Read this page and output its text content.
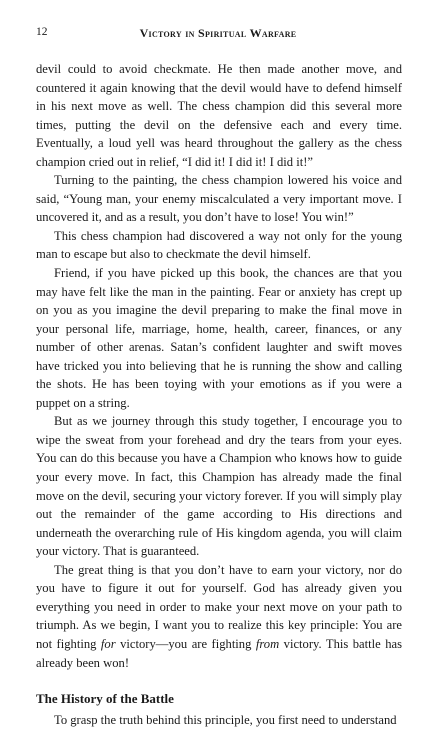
12	Victory in Spiritual Warfare

devil could to avoid checkmate. He then made another move, and countered it again knowing that the devil would have to defend himself in his next move as well. The chess champion did this several more times, putting the devil on the defensive each and every time. Eventually, a loud yell was heard throughout the gallery as the chess champion cried out in relief, “I did it! I did it! I did it!”

Turning to the painting, the chess champion lowered his voice and said, “Young man, your enemy miscalculated a very important move. I uncovered it, and as a result, you don’t have to lose! You win!”

This chess champion had discovered a way not only for the young man to escape but also to checkmate the devil himself.

Friend, if you have picked up this book, the chances are that you may have felt like the man in the painting. Fear or anxiety has crept up on you as you imagine the devil preparing to make the final move in your personal life, marriage, home, health, career, finances, or any number of other arenas. Satan’s confident laughter and swift moves have tricked you into believing that he is running the show and calling the shots. He has been toying with your emotions as if you were a puppet on a string.

But as we journey through this study together, I encourage you to wipe the sweat from your forehead and dry the tears from your eyes. You can do this because you have a Champion who knows how to guide your every move. In fact, this Champion has already made the final move on the devil, securing your victory forever. If you will simply play out the remainder of the game according to His directions and underneath the overarching rule of His kingdom agenda, you will claim your victory. That is guaranteed.

The great thing is that you don’t have to earn your victory, nor do you have to figure it out for yourself. God has already given you everything you need in order to make your next move on your path to triumph. As we begin, I want you to realize this key principle: You are not fighting for victory—you are fighting from victory. This battle has already been won!

The History of the Battle

To grasp the truth behind this principle, you first need to understand
